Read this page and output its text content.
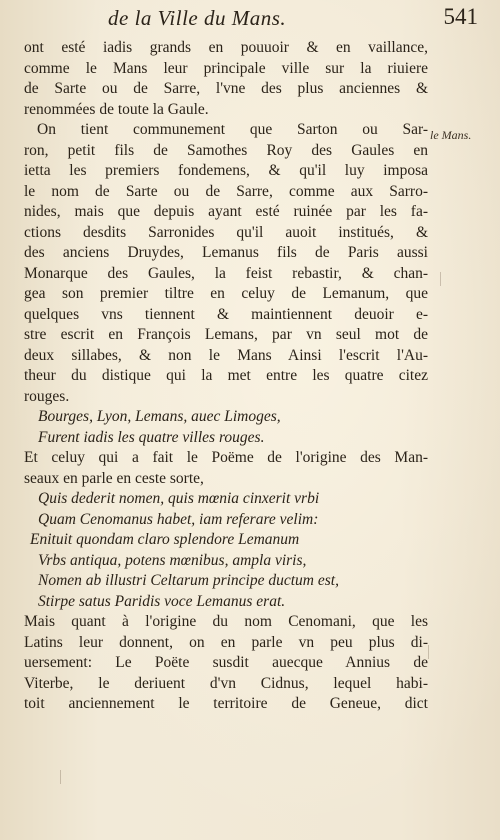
de la Ville du Mans.	541
le Mans.
ont esté iadis grands en pouuoir & en vaillance,
comme le Mans leur principale ville sur la riuiere
de Sarte ou de Sarre, l'vne des plus anciennes &
renommées de toute la Gaule.
On tient communement que Sarton ou Sar-
ron, petit fils de Samothes Roy des Gaules en
ietta les premiers fondemens, & qu'il luy imposa
le nom de Sarte ou de Sarre, comme aux Sarro-
nides, mais que depuis ayant esté ruinée par les fa-
ctions desdits Sarronides qu'il auoit institués, &
des anciens Druydes, Lemanus fils de Paris aussi
Monarque des Gaules, la feist rebastir, & chan-
gea son premier tiltre en celuy de Lemanum, que
quelques vns tiennent & maintiennent deuoir e-
stre escrit en François Lemans, par vn seul mot de
deux sillabes, & non le Mans Ainsi l'escrit l'Au-
theur du distique qui la met entre les quatre citez
rouges.
Bourges, Lyon, Lemans, auec Limoges,
Furent iadis les quatre villes rouges.
Et celuy qui a fait le Poëme de l'origine des Man-
seaux en parle en ceste sorte,
Quis dederit nomen, quis mœnia cinxerit vrbi
Quam Cenomanus habet, iam referare velim:
Enituit quondam claro splendore Lemanum
Vrbs antiqua, potens mœnibus, ampla viris,
Nomen ab illustri Celtarum principe ductum est,
Stirpe satus Paridis voce Lemanus erat.
Mais quant à l'origine du nom Cenomani, que les
Latins leur donnent, on en parle vn peu plus di-
uersement: Le Poëte susdit auecque Annius de
Viterbe, le deriuent d'vn Cidnus, lequel habi-
toit anciennement le territoire de Geneue, dict
